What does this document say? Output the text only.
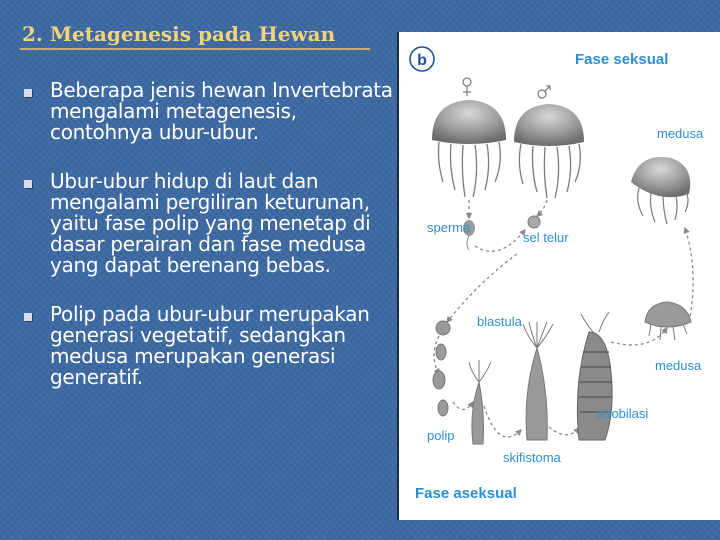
2. Metagenesis pada Hewan
Beberapa jenis hewan Invertebrata mengalami metagenesis, contohnya ubur-ubur.
Ubur-ubur hidup di laut dan mengalami pergiliran keturunan, yaitu fase polip yang menetap di dasar perairan dan fase medusa yang dapat berenang bebas.
Polip pada ubur-ubur merupakan generasi vegetatif, sedangkan medusa merupakan generasi generatif.
b	Fase seksual
medusa
sperma
sel telur
blastula
polip
skifistoma
strobilasi
medusa
Fase aseksual
